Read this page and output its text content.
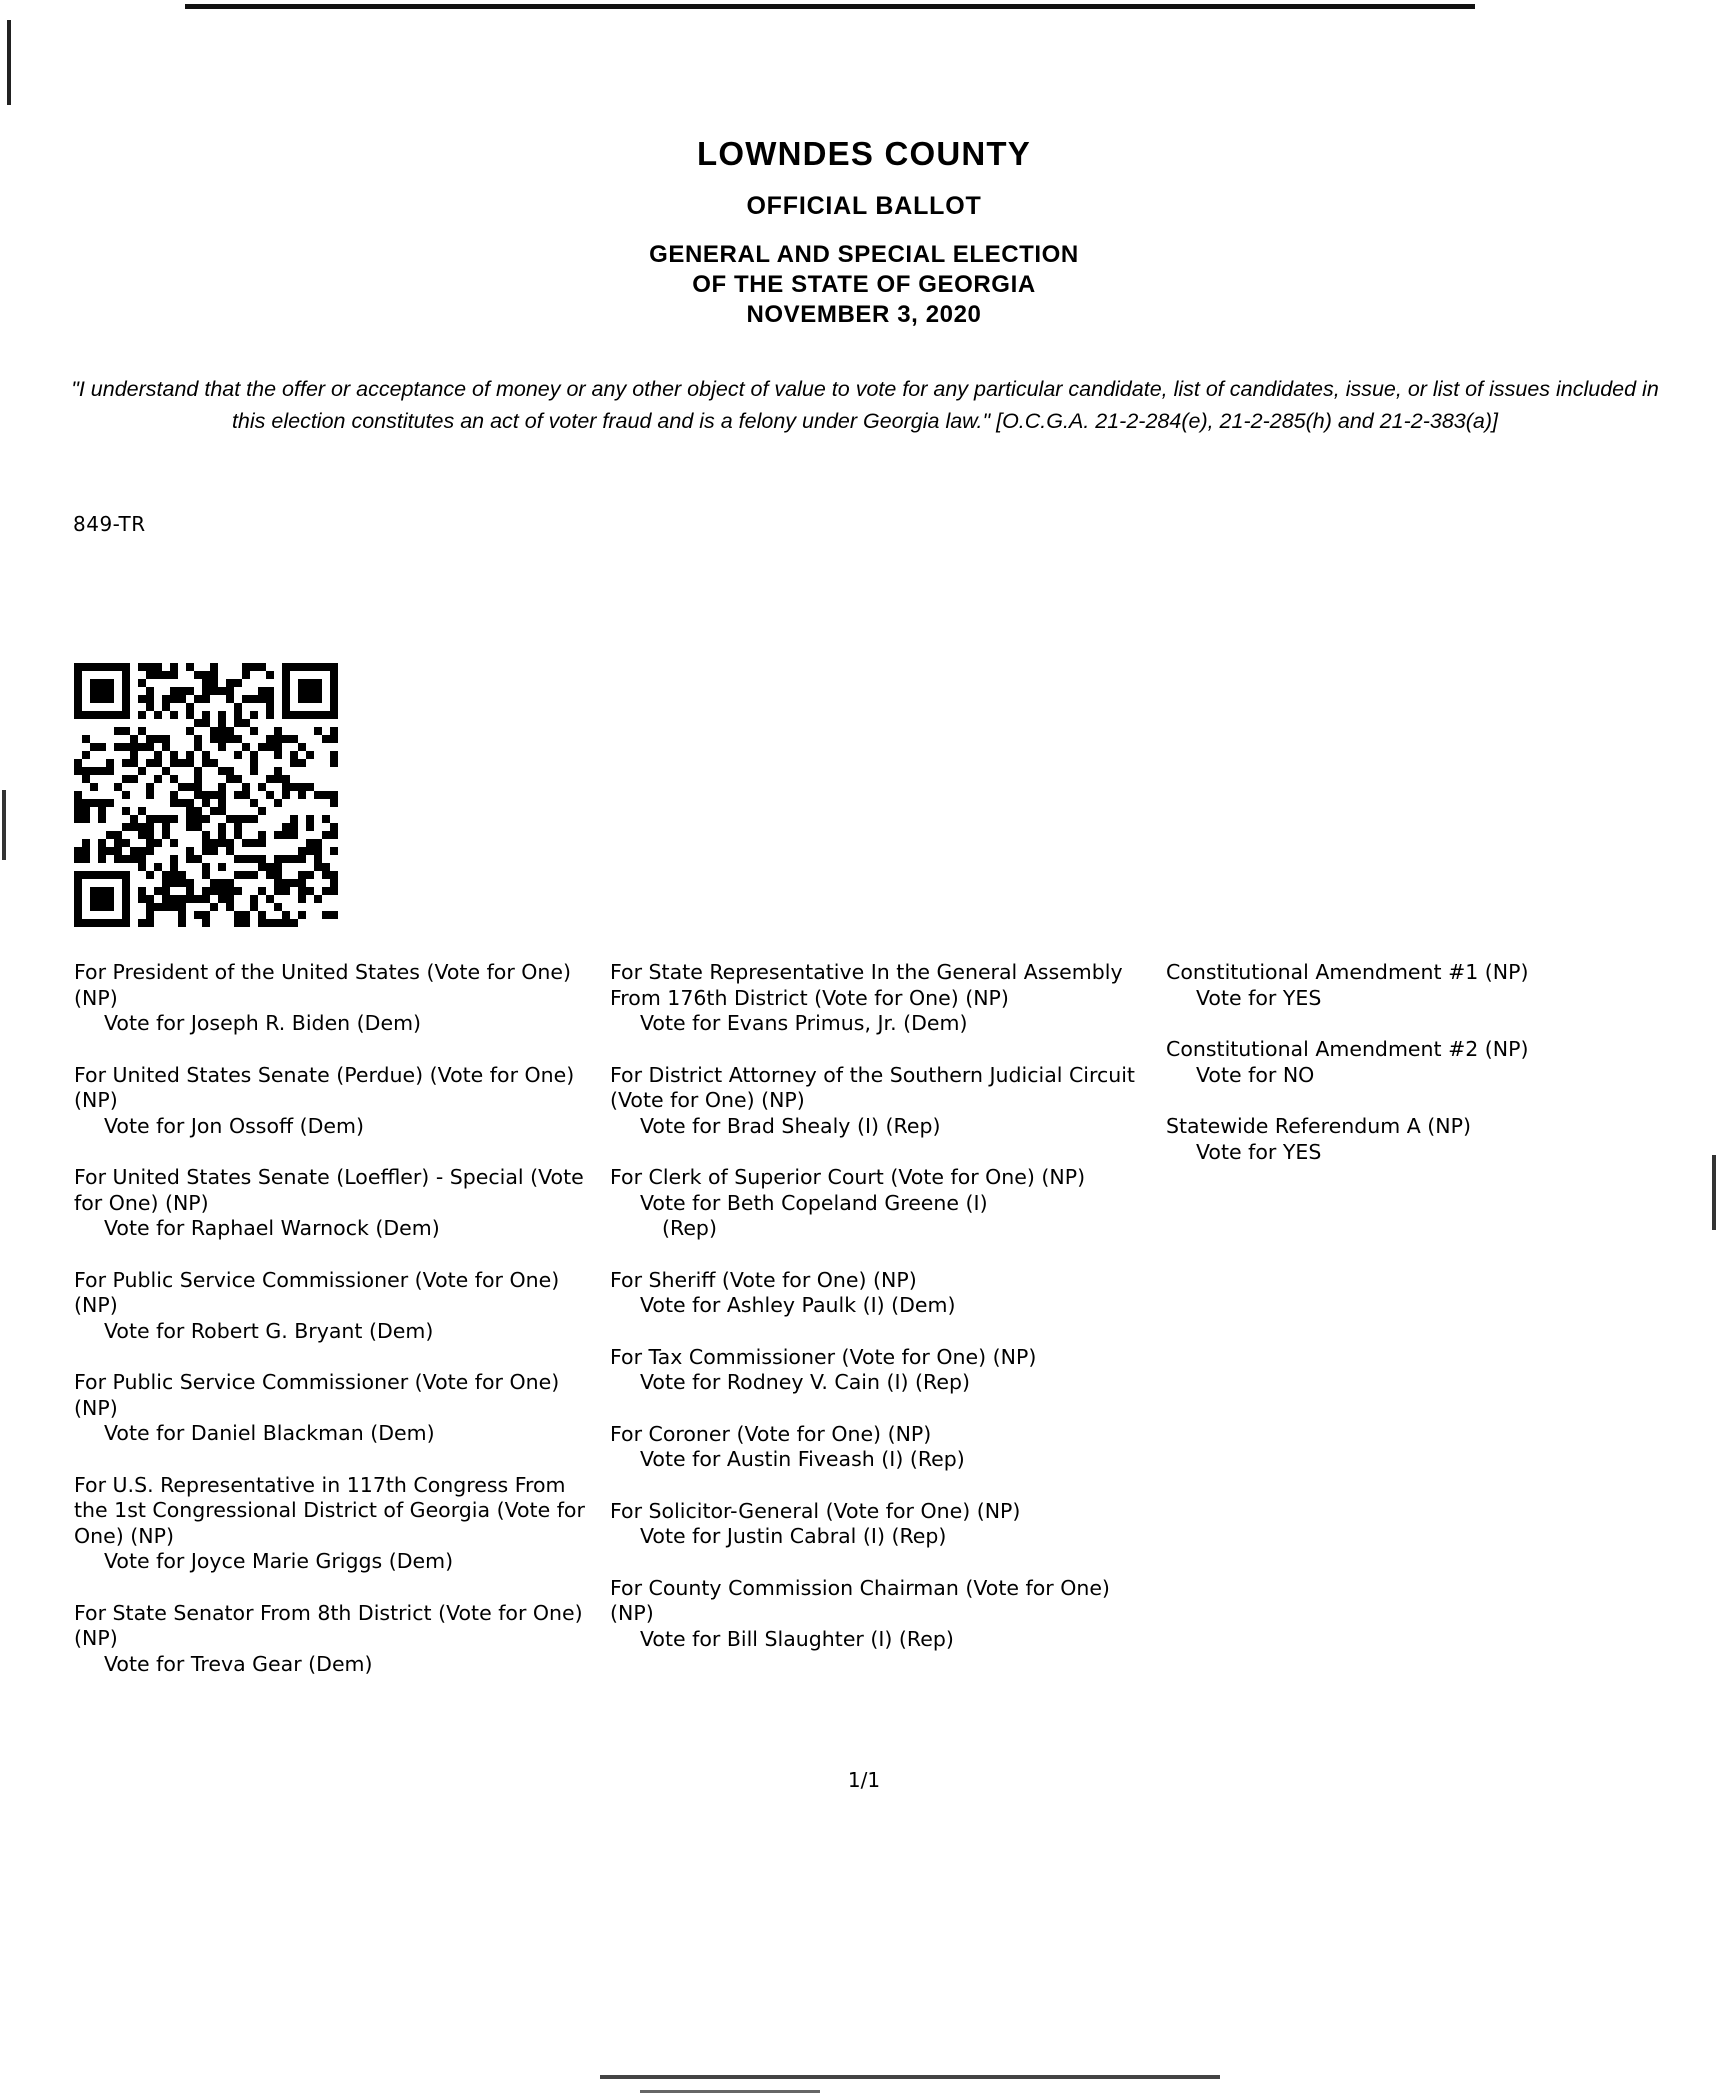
LOWNDES COUNTY
OFFICIAL BALLOT
GENERAL AND SPECIAL ELECTION
OF THE STATE OF GEORGIA
NOVEMBER 3, 2020
"I understand that the offer or acceptance of money or any other object of value to vote for any particular candidate, list of candidates, issue, or list of issues included in this election constitutes an act of voter fraud and is a felony under Georgia law." [O.C.G.A. 21-2-284(e), 21-2-285(h) and 21-2-383(a)]
849-TR
For President of the United States (Vote for One) (NP)
Vote for Joseph R. Biden (Dem)
For United States Senate (Perdue) (Vote for One) (NP)
Vote for Jon Ossoff (Dem)
For United States Senate (Loeffler) - Special (Vote for One) (NP)
Vote for Raphael Warnock (Dem)
For Public Service Commissioner (Vote for One) (NP)
Vote for Robert G. Bryant (Dem)
For Public Service Commissioner (Vote for One) (NP)
Vote for Daniel Blackman (Dem)
For U.S. Representative in 117th Congress From the 1st Congressional District of Georgia (Vote for One) (NP)
Vote for Joyce Marie Griggs (Dem)
For State Senator From 8th District (Vote for One) (NP)
Vote for Treva Gear (Dem)
For State Representative In the General Assembly From 176th District (Vote for One) (NP)
Vote for Evans Primus, Jr. (Dem)
For District Attorney of the Southern Judicial Circuit (Vote for One) (NP)
Vote for Brad Shealy (I) (Rep)
For Clerk of Superior Court (Vote for One) (NP)
Vote for Beth Copeland Greene (I)
(Rep)
For Sheriff (Vote for One) (NP)
Vote for Ashley Paulk (I) (Dem)
For Tax Commissioner (Vote for One) (NP)
Vote for Rodney V. Cain (I) (Rep)
For Coroner (Vote for One) (NP)
Vote for Austin Fiveash (I) (Rep)
For Solicitor-General (Vote for One) (NP)
Vote for Justin Cabral (I) (Rep)
For County Commission Chairman (Vote for One) (NP)
Vote for Bill Slaughter (I) (Rep)
Constitutional Amendment #1 (NP)
Vote for YES
Constitutional Amendment #2 (NP)
Vote for NO
Statewide Referendum A (NP)
Vote for YES
1/1
